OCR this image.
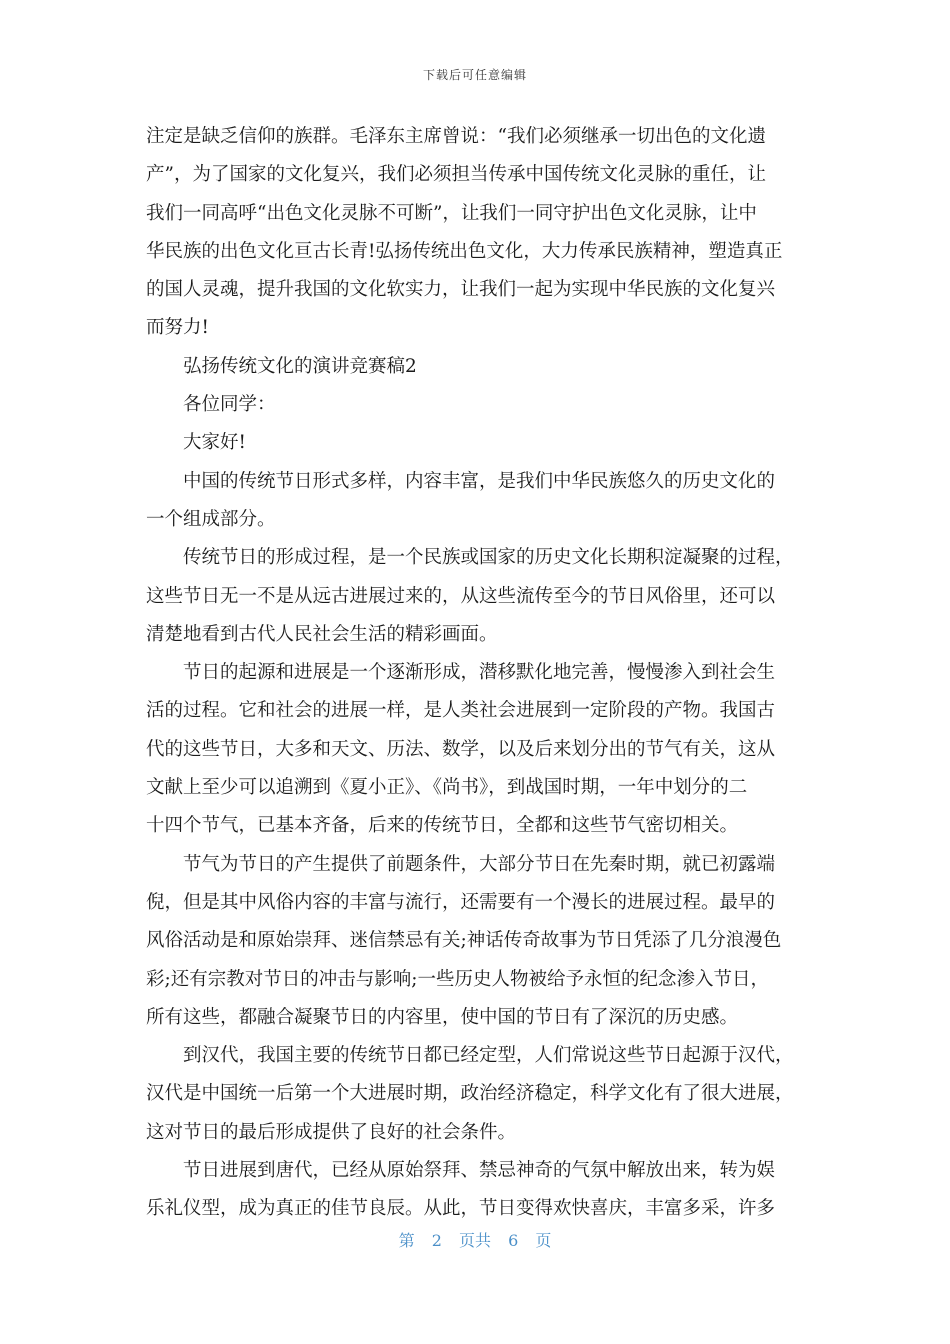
下载后可任意编辑
注定是缺乏信仰的族群。毛泽东主席曾说：“我们必须继承一切出色的文化遗
产”，为了国家的文化复兴，我们必须担当传承中国传统文化灵脉的重任，让
我们一同高呼“出色文化灵脉不可断”，让我们一同守护出色文化灵脉，让中
华民族的出色文化亘古长青!弘扬传统出色文化，大力传承民族精神，塑造真正
的国人灵魂，提升我国的文化软实力，让我们一起为实现中华民族的文化复兴
而努力!
弘扬传统文化的演讲竞赛稿2
各位同学：
大家好!
中国的传统节日形式多样，内容丰富，是我们中华民族悠久的历史文化的
一个组成部分。
传统节日的形成过程，是一个民族或国家的历史文化长期积淀凝聚的过程，
这些节日无一不是从远古进展过来的，从这些流传至今的节日风俗里，还可以
清楚地看到古代人民社会生活的精彩画面。
节日的起源和进展是一个逐渐形成，潜移默化地完善，慢慢渗入到社会生
活的过程。它和社会的进展一样，是人类社会进展到一定阶段的产物。我国古
代的这些节日，大多和天文、历法、数学，以及后来划分出的节气有关，这从
文献上至少可以追溯到《夏小正》、《尚书》，到战国时期，一年中划分的二
十四个节气，已基本齐备，后来的传统节日，全都和这些节气密切相关。
节气为节日的产生提供了前题条件，大部分节日在先秦时期，就已初露端
倪，但是其中风俗内容的丰富与流行，还需要有一个漫长的进展过程。最早的
风俗活动是和原始崇拜、迷信禁忌有关;神话传奇故事为节日凭添了几分浪漫色
彩;还有宗教对节日的冲击与影响;一些历史人物被给予永恒的纪念渗入节日，
所有这些，都融合凝聚节日的内容里，使中国的节日有了深沉的历史感。
到汉代，我国主要的传统节日都已经定型，人们常说这些节日起源于汉代，
汉代是中国统一后第一个大进展时期，政治经济稳定，科学文化有了很大进展，
这对节日的最后形成提供了良好的社会条件。
节日进展到唐代，已经从原始祭拜、禁忌神奇的气氛中解放出来，转为娱
乐礼仪型，成为真正的佳节良辰。从此，节日变得欢快喜庆，丰富多采，许多
第 2 页共 6 页
